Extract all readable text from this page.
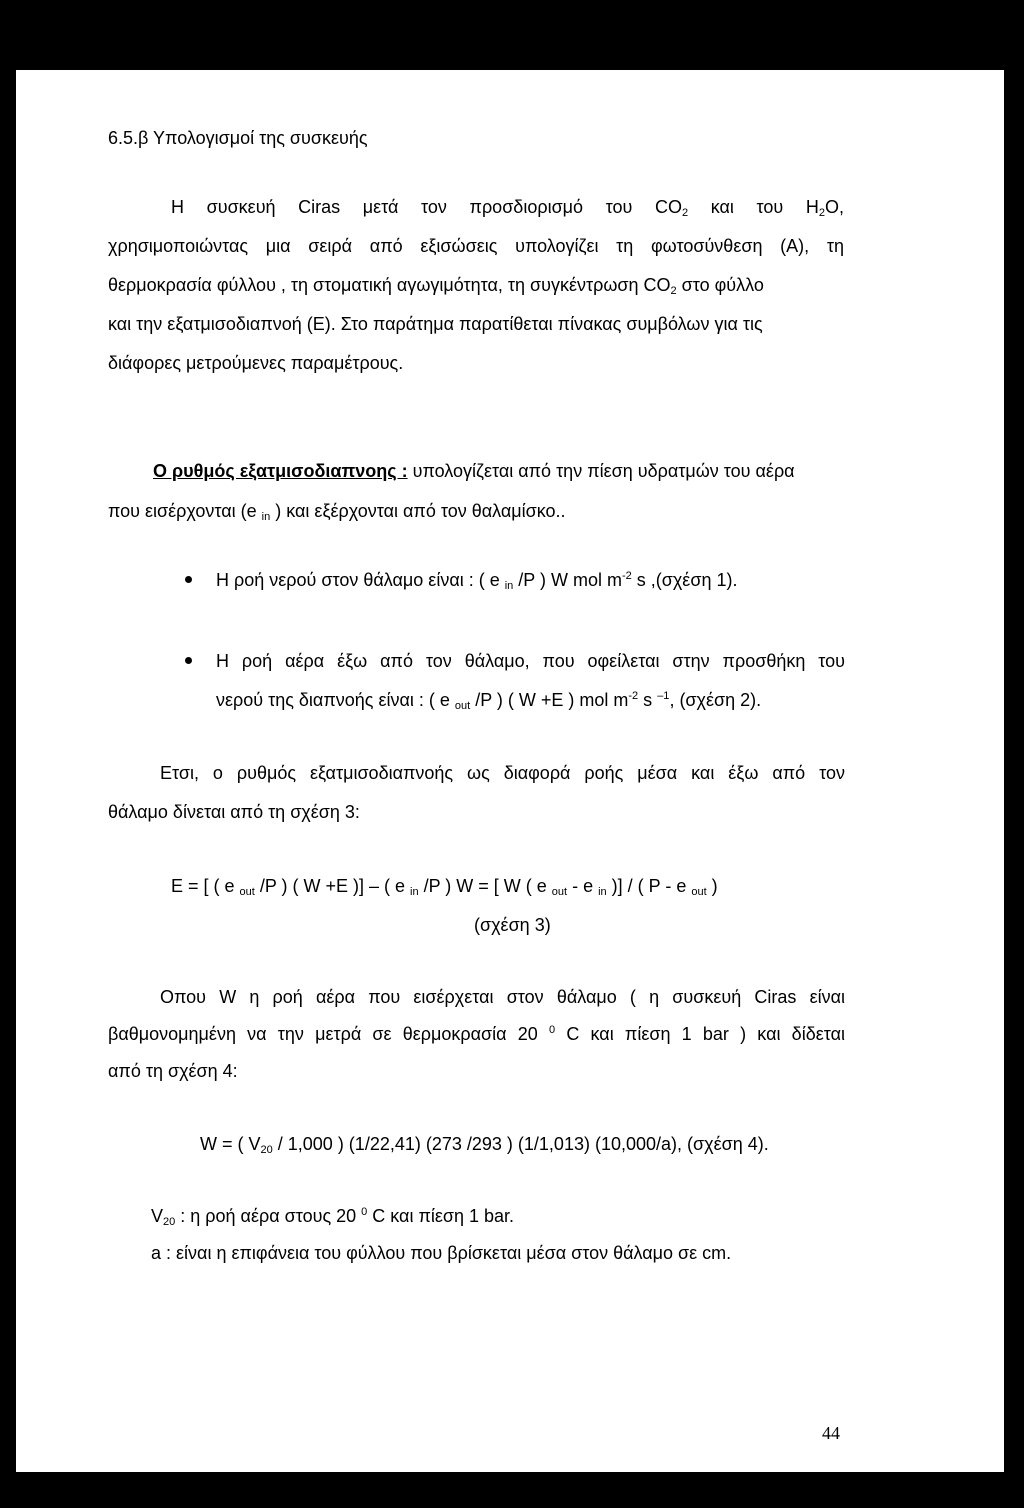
6.5.β Υπολογισμοί της συσκευής
Η συσκευή Ciras μετά τον προσδιορισμό του $CO_2$ και του $H_2O$,
χρησιμοποιώντας μια σειρά από εξισώσεις υπολογίζει τη φωτοσύνθεση (Α), τη
θερμοκρασία φύλλου , τη στοματική αγωγιμότητα, τη συγκέντρωση $CO_2$ στο φύλλο
και την εξατμισοδιαπνοή (Ε). Στο παράτημα παρατίθεται πίνακας συμβόλων για τις
διάφορες μετρούμενες παραμέτρους.
Ο ρυθμός εξατμισοδιαπνοης : υπολογίζεται από την πίεση υδρατμών του αέρα
που εισέρχονται (e $_{in}$ ) και εξέρχονται από τον θαλαμίσκο..
Η ροή νερού στον θάλαμο είναι : ( e $_{in}$ /P ) W mol $m^{-2}$ s ,(σχέση 1).
Η ροή αέρα έξω από τον θάλαμο, που οφείλεται στην προσθήκη του
νερού της διαπνοής είναι : ( e $_{out}$ /P ) ( W +E ) mol $m^{-2}$ s $^{-1}$, (σχέση 2).
Ετσι, ο ρυθμός εξατμισοδιαπνοής ως διαφορά ροής μέσα και έξω από τον
θάλαμο δίνεται από τη σχέση 3:
E = [ ( e $_{out}$ /P ) ( W +E )] – ( e $_{in}$ /P ) W = [ W ( e $_{out}$ - e $_{in}$ )] / ( P - e $_{out}$ )
(σχέση 3)
Οπου W η ροή αέρα που εισέρχεται στον θάλαμο ( η συσκευή Ciras είναι
βαθμονομημένη να την μετρά σε θερμοκρασία 20 $^0$ C και πίεση 1 bar ) και δίδεται
από τη σχέση 4:
W = ( $V_{20} / 1,000$ ) (1/22,41) (273 /293 ) (1/1,013) (10,000/a), (σχέση 4).
$V_{20}$ : η ροή αέρα στους 20 $^0$ C και πίεση 1 bar.
a : είναι η επιφάνεια του φύλλου που βρίσκεται μέσα στον θάλαμο σε cm.
44
